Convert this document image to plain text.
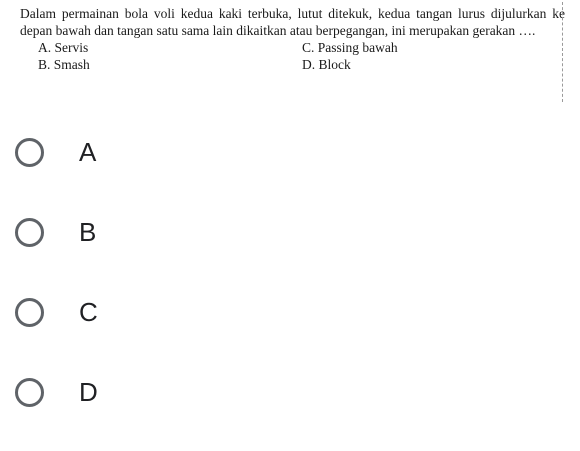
Dalam permainan bola voli kedua kaki terbuka, lutut ditekuk, kedua tangan lurus dijulurkan ke depan bawah dan tangan satu sama lain dikaitkan atau berpegangan, ini merupakan gerakan ….

A. Servis	C. Passing bawah
B. Smash	D. Block
A
B
C
D
